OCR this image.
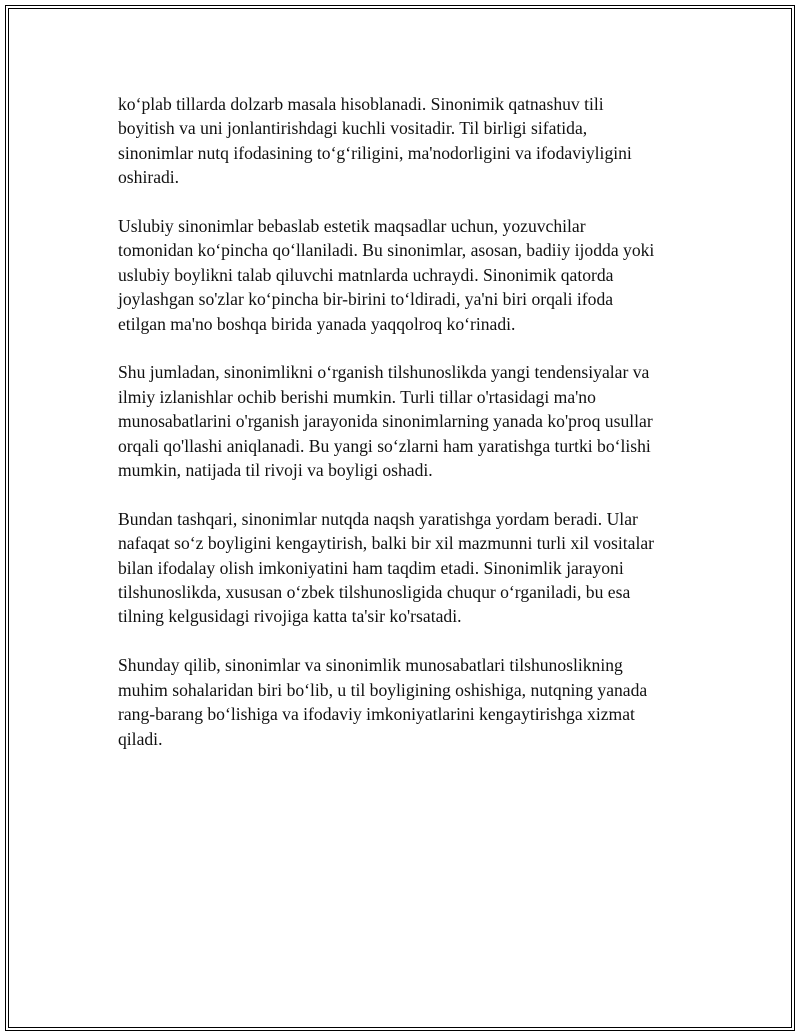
ko‘plab tillarda dolzarb masala hisoblanadi. Sinonimik qatnashuv tili
boyitish va uni jonlantirishdagi kuchli vositadir. Til birligi sifatida,
sinonimlar nutq ifodasining to‘g‘riligini, ma'nodorligini va ifodaviyligini
oshiradi.

Uslubiy sinonimlar bebaslab estetik maqsadlar uchun, yozuvchilar
tomonidan ko‘pincha qo‘llaniladi. Bu sinonimlar, asosan, badiiy ijodda yoki
uslubiy boylikni talab qiluvchi matnlarda uchraydi. Sinonimik qatorda
joylashgan so'zlar ko‘pincha bir-birini to‘ldiradi, ya'ni biri orqali ifoda
etilgan ma'no boshqa birida yanada yaqqolroq ko‘rinadi.

Shu jumladan, sinonimlikni o‘rganish tilshunoslikda yangi tendensiyalar va
ilmiy izlanishlar ochib berishi mumkin. Turli tillar o'rtasidagi ma'no
munosabatlarini o'rganish jarayonida sinonimlarning yanada ko'proq usullar
orqali qo'llashi aniqlanadi. Bu yangi so‘zlarni ham yaratishga turtki bo‘lishi
mumkin, natijada til rivoji va boyligi oshadi.

Bundan tashqari, sinonimlar nutqda naqsh yaratishga yordam beradi. Ular
nafaqat so‘z boyligini kengaytirish, balki bir xil mazmunni turli xil vositalar
bilan ifodalay olish imkoniyatini ham taqdim etadi. Sinonimlik jarayoni
tilshunoslikda, xususan o‘zbek tilshunosligida chuqur o‘rganiladi, bu esa
tilning kelgusidagi rivojiga katta ta'sir ko'rsatadi.

Shunday qilib, sinonimlar va sinonimlik munosabatlari tilshunoslikning
muhim sohalaridan biri bo‘lib, u til boyligining oshishiga, nutqning yanada
rang-barang bo‘lishiga va ifodaviy imkoniyatlarini kengaytirishga xizmat
qiladi.
